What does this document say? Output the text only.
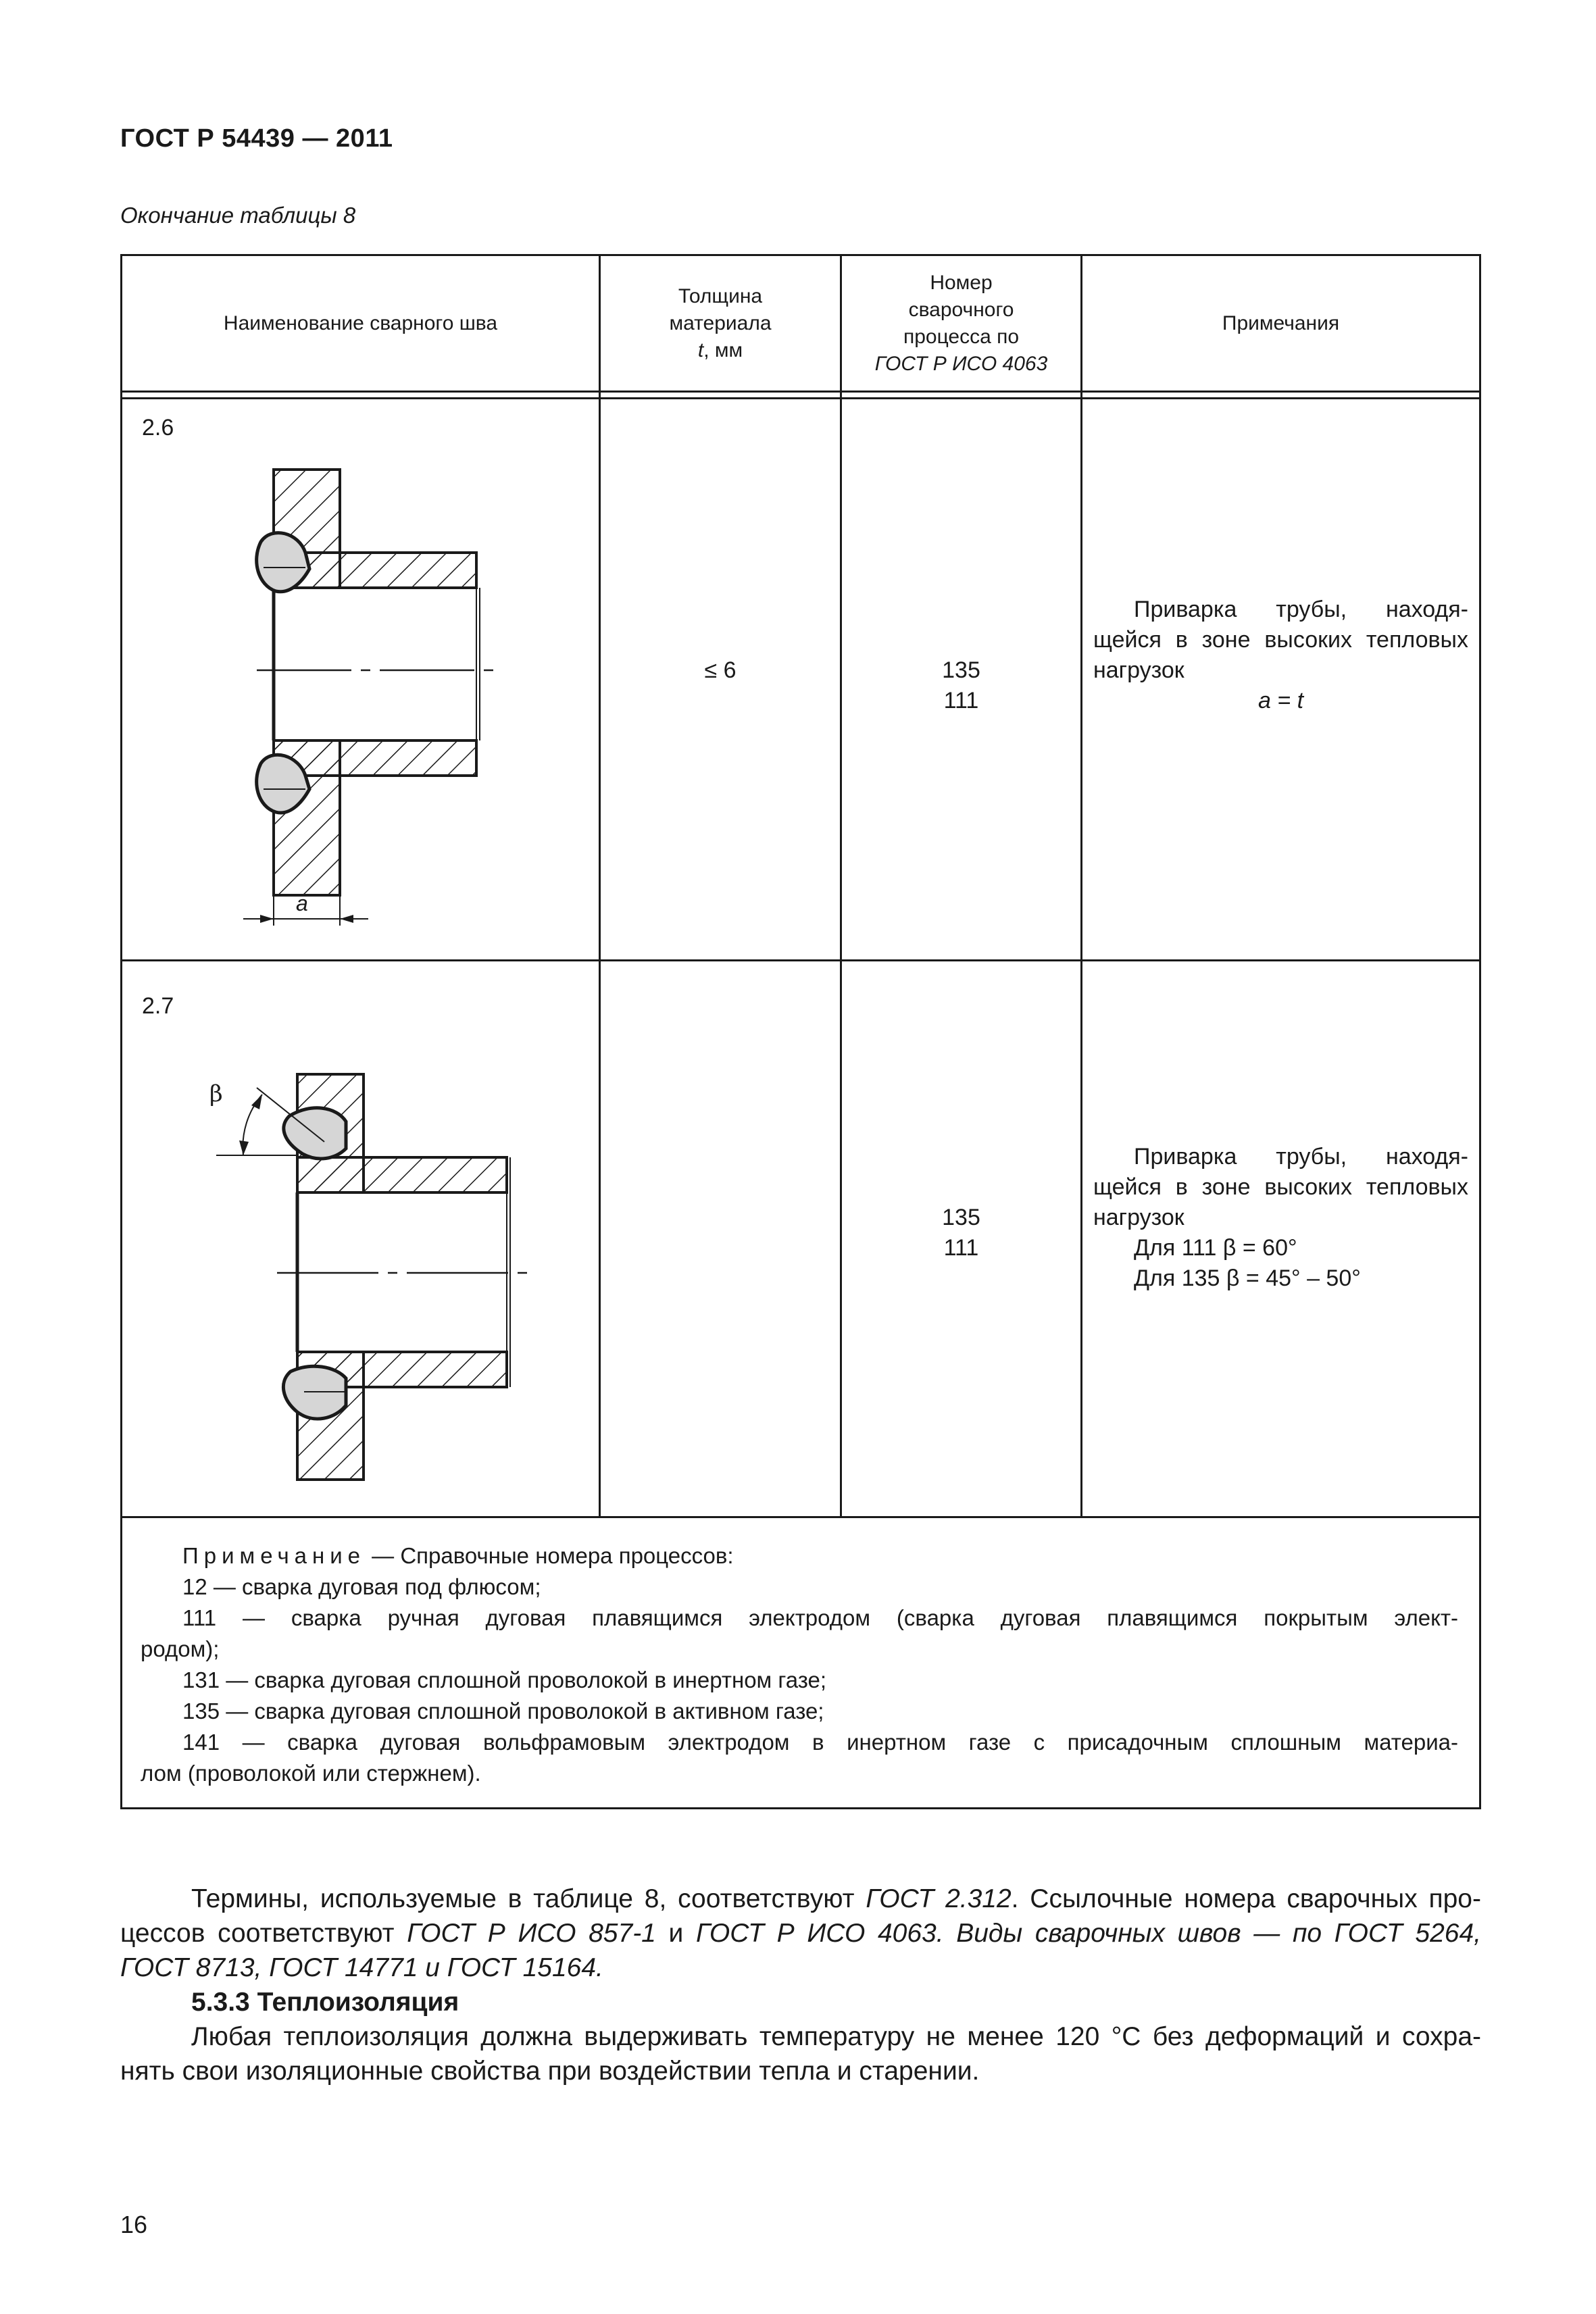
ГОСТ Р 54439 — 2011
Окончание таблицы 8
Наименование сварного шва
Толщина
материала
t, мм
Номер
сварочного
процесса по
ГОСТ Р ИСО 4063
Примечания
2.6
a
≤ 6	135
111
Приварка трубы, находя-
щейся в зоне высоких тепловых
нагрузок
a = t
2.7
β
135
111
Приварка трубы, находя-
щейся в зоне высоких тепловых
нагрузок
Для 111 β = 60°
Для 135 β = 45° – 50°
Примечание — Справочные номера процессов:
12 — сварка дуговая под флюсом;
111 — сварка ручная дуговая плавящимся электродом (сварка дуговая плавящимся покрытым элект-
родом);
131 — сварка дуговая сплошной проволокой в инертном газе;
135 — сварка дуговая сплошной проволокой в активном газе;
141 — сварка дуговая вольфрамовым электродом в инертном газе с присадочным сплошным материа-
лом (проволокой или стержнем).
Термины, используемые в таблице 8, соответствуют ГОСТ 2.312. Ссылочные номера сварочных про-
цессов соответствуют ГОСТ Р ИСО 857-1 и ГОСТ Р ИСО 4063. Виды сварочных швов — по ГОСТ 5264,
ГОСТ 8713, ГОСТ 14771 и ГОСТ 15164.
5.3.3 Теплоизоляция
Любая теплоизоляция должна выдерживать температуру не менее 120 °С без деформаций и сохра-
нять свои изоляционные свойства при воздействии тепла и старении.
16
